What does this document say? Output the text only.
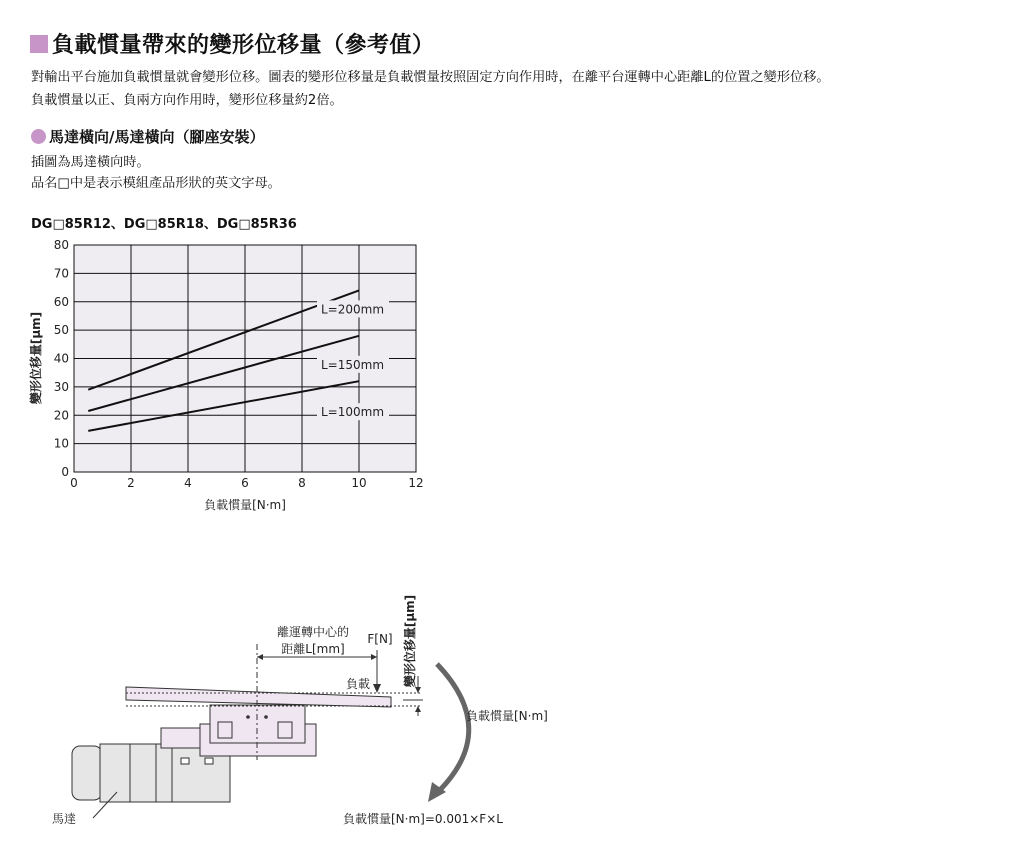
負載慣量帶來的變形位移量（參考值）
對輸出平台施加負載慣量就會變形位移。圖表的變形位移量是負載慣量按照固定方向作用時，在離平台運轉中心距離L的位置之變形位移。
負載慣量以正、負兩方向作用時，變形位移量約2倍。
馬達橫向/馬達橫向（腳座安裝）
插圖為馬達橫向時。
品名□中是表示模組產品形狀的英文字母。
DG□85R12、DG□85R18、DG□85R36
0
10
20
30
40
50
60
70
80
0	2	4	6	8	10	12
L=200mm
L=150mm
L=100mm
變形位移量[μm]
負載慣量[N·m]
離運轉中心的
距離L[mm]
F[N]
負載	變形位移量[μm]
負載慣量[N·m]
馬達	負載慣量[N·m]=0.001×F×L
